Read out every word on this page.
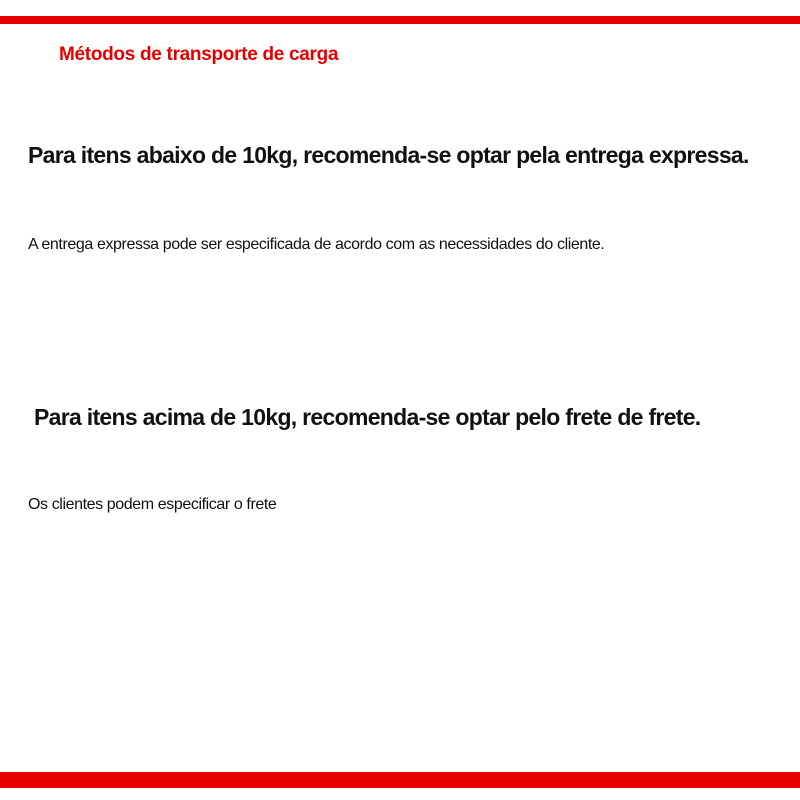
Métodos de transporte de carga

Para itens abaixo de 10kg, recomenda-se optar pela entrega expressa.

A entrega expressa pode ser especificada de acordo com as necessidades do cliente.

Para itens acima de 10kg, recomenda-se optar pelo frete de frete.

Os clientes podem especificar o frete
